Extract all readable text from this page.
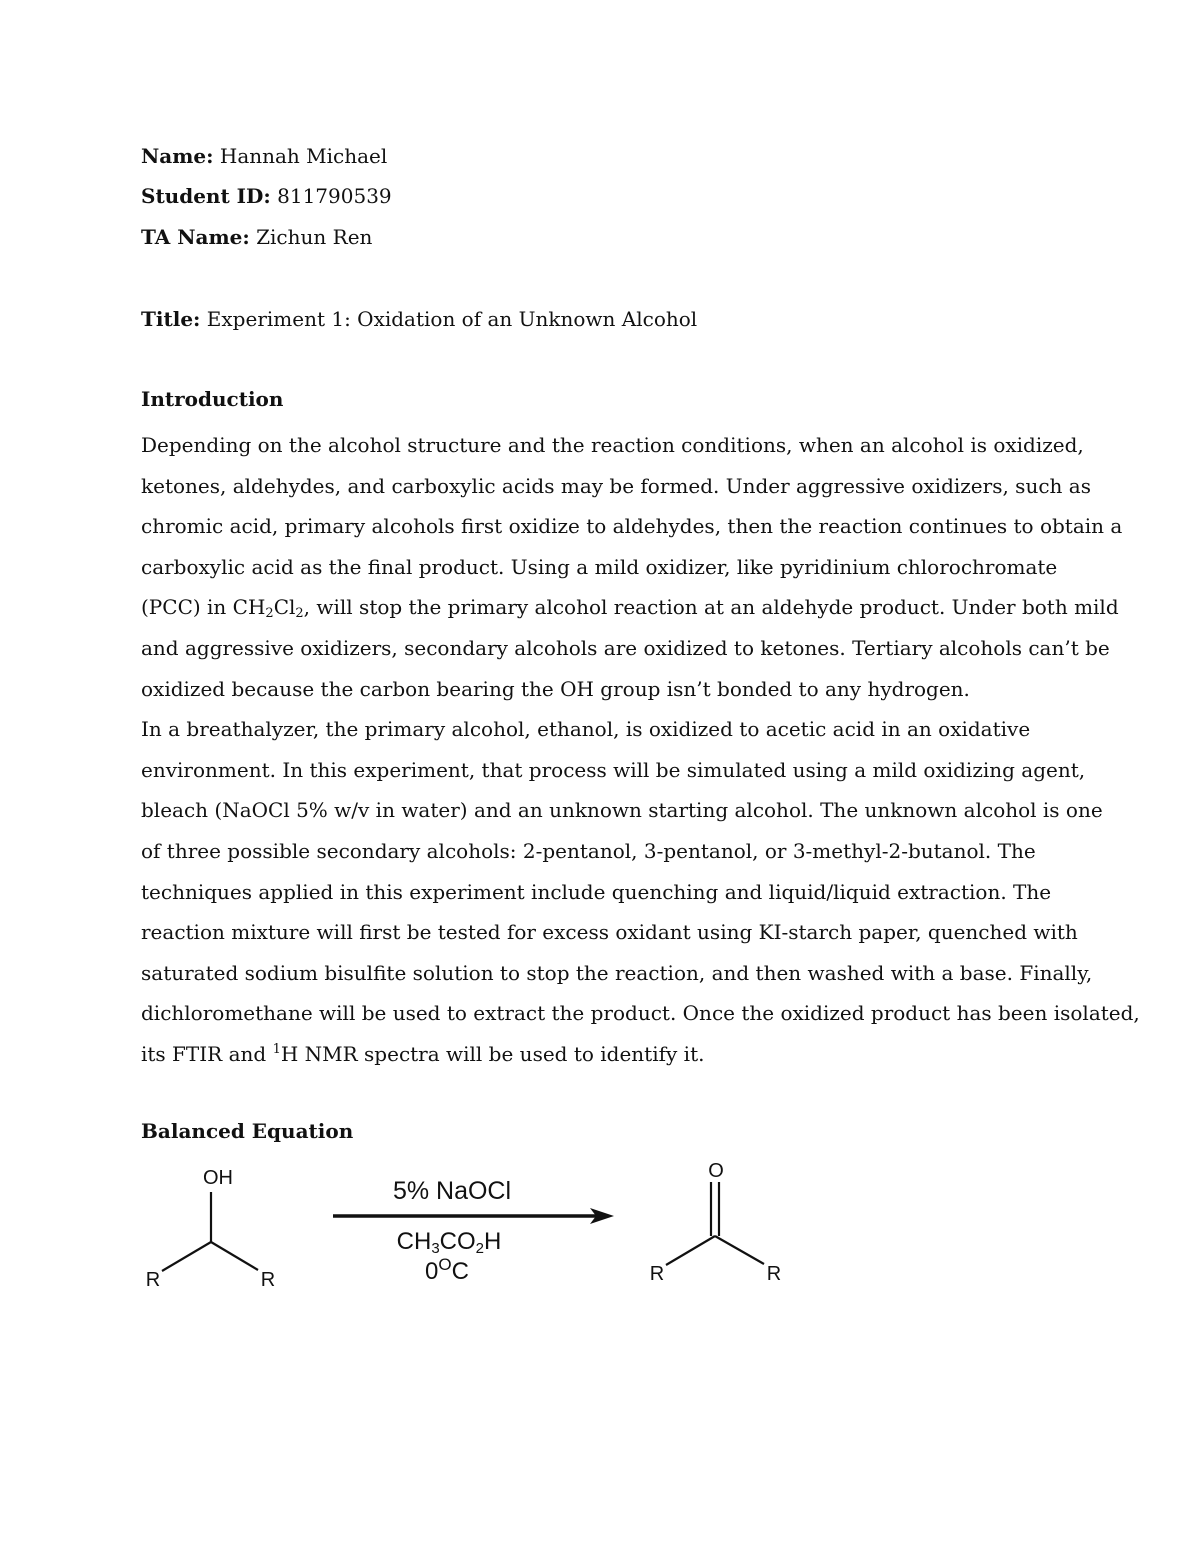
Name: Hannah Michael
Student ID: 811790539
TA Name: Zichun Ren
Title: Experiment 1: Oxidation of an Unknown Alcohol
Introduction
Depending on the alcohol structure and the reaction conditions, when an alcohol is oxidized,
ketones, aldehydes, and carboxylic acids may be formed. Under aggressive oxidizers, such as
chromic acid, primary alcohols first oxidize to aldehydes, then the reaction continues to obtain a
carboxylic acid as the final product. Using a mild oxidizer, like pyridinium chlorochromate
(PCC) in $CH_2Cl_2$, will stop the primary alcohol reaction at an aldehyde product. Under both mild
and aggressive oxidizers, secondary alcohols are oxidized to ketones. Tertiary alcohols can’t be
oxidized because the carbon bearing the OH group isn’t bonded to any hydrogen.
In a breathalyzer, the primary alcohol, ethanol, is oxidized to acetic acid in an oxidative
environment. In this experiment, that process will be simulated using a mild oxidizing agent,
bleach (NaOCl 5% w/v in water) and an unknown starting alcohol. The unknown alcohol is one
of three possible secondary alcohols: 2-pentanol, 3-pentanol, or 3-methyl-2-butanol. The
techniques applied in this experiment include quenching and liquid/liquid extraction. The
reaction mixture will first be tested for excess oxidant using KI-starch paper, quenched with
saturated sodium bisulfite solution to stop the reaction, and then washed with a base. Finally,
dichloromethane will be used to extract the product. Once the oxidized product has been isolated,
its FTIR and $^1$H NMR spectra will be used to identify it.
Balanced Equation
OH
R	R
5% NaOCl
CH3CO2H
$0^OC$
O
R	R
